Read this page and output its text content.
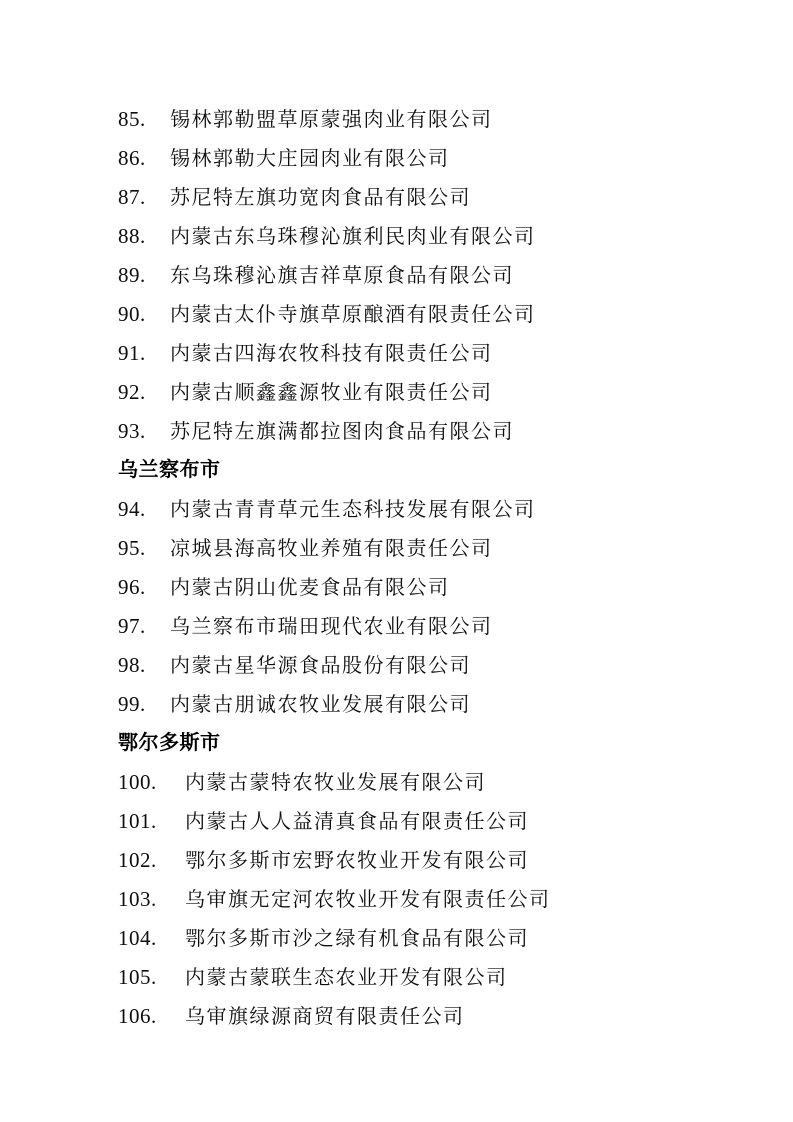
85. 锡林郭勒盟草原蒙强肉业有限公司
86. 锡林郭勒大庄园肉业有限公司
87. 苏尼特左旗功宽肉食品有限公司
88. 内蒙古东乌珠穆沁旗利民肉业有限公司
89. 东乌珠穆沁旗吉祥草原食品有限公司
90. 内蒙古太仆寺旗草原酿酒有限责任公司
91. 内蒙古四海农牧科技有限责任公司
92. 内蒙古顺鑫鑫源牧业有限责任公司
93. 苏尼特左旗满都拉图肉食品有限公司
乌兰察布市
94. 内蒙古青青草元生态科技发展有限公司
95. 凉城县海高牧业养殖有限责任公司
96. 内蒙古阴山优麦食品有限公司
97. 乌兰察布市瑞田现代农业有限公司
98. 内蒙古星华源食品股份有限公司
99. 内蒙古朋诚农牧业发展有限公司
鄂尔多斯市
100. 内蒙古蒙特农牧业发展有限公司
101. 内蒙古人人益清真食品有限责任公司
102. 鄂尔多斯市宏野农牧业开发有限公司
103. 乌审旗无定河农牧业开发有限责任公司
104. 鄂尔多斯市沙之绿有机食品有限公司
105. 内蒙古蒙联生态农业开发有限公司
106. 乌审旗绿源商贸有限责任公司
